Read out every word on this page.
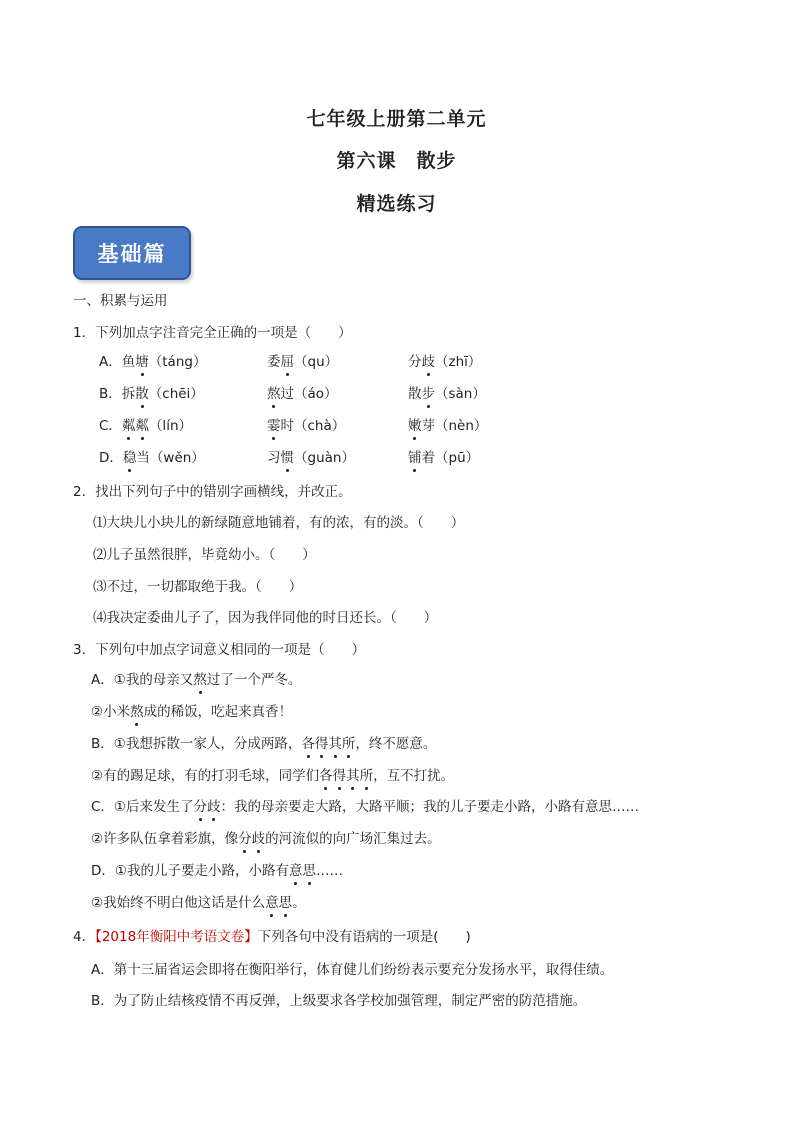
七年级上册第二单元
第六课　散步
精选练习
基础篇
一、积累与运用
1．下列加点字注音完全正确的一项是（　　）
A．鱼塘（táng）	委屈（qu）	分歧（zhī）
B．拆散（chēi）	熬过（áo）	散步（sàn）
C．粼粼（lín）	霎时（chà）	嫩芽（nèn）
D．稳当（wěn）	习惯（guàn）	铺着（pū）
2．找出下列句子中的错别字画横线，并改正。
⑴大块儿小块儿的新绿随意地铺着，有的浓，有的淡。（　　）
⑵儿子虽然很胖，毕竟幼小。（　　）
⑶不过，一切都取绝于我。（　　）
⑷我决定委曲儿子了，因为我伴同他的时日还长。（　　）
3．下列句中加点字词意义相同的一项是（　　）
A．①我的母亲又熬过了一个严冬。
②小米熬成的稀饭，吃起来真香！
B．①我想拆散一家人，分成两路，各得其所，终不愿意。
②有的踢足球，有的打羽毛球，同学们各得其所，互不打扰。
C．①后来发生了分歧：我的母亲要走大路，大路平顺；我的儿子要走小路，小路有意思……
②许多队伍拿着彩旗，像分歧的河流似的向广场汇集过去。
D．①我的儿子要走小路，小路有意思……
②我始终不明白他这话是什么意思。
4．【2018年衡阳中考语文卷】下列各句中没有语病的一项是(　　)
A．第十三届省运会即将在衡阳举行，体育健儿们纷纷表示要充分发扬水平，取得佳绩。
B．为了防止结核疫情不再反弹，上级要求各学校加强管理，制定严密的防范措施。
